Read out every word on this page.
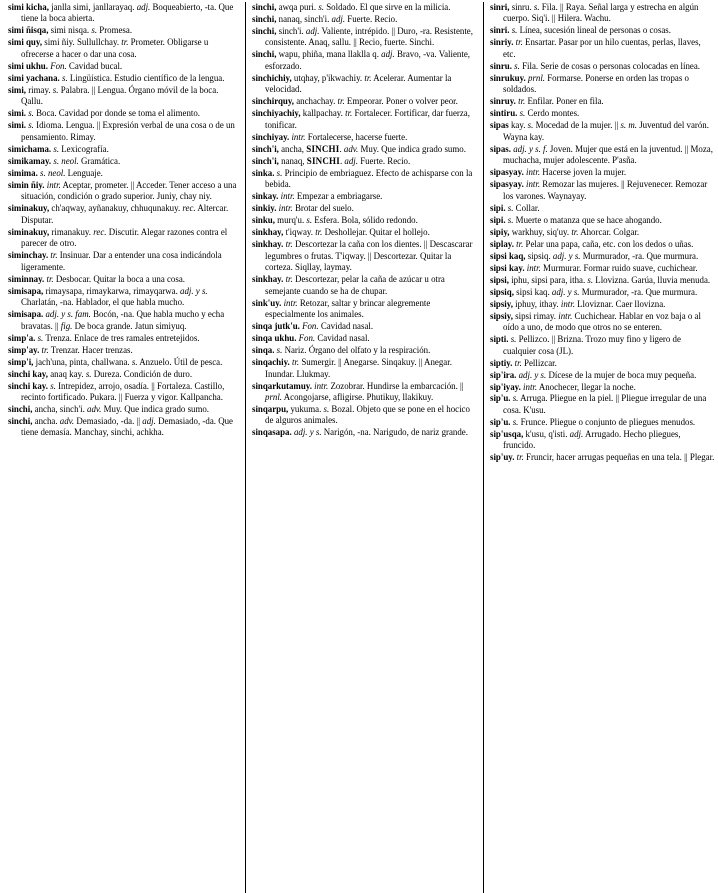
simi kicha, janlla simi, janllarayaq. adj. Boqueabierto, -ta. Que tiene la boca abierta.

simi ñisqa, simi nisqa. s. Promesa.

simi quy, simi ñiy. Sullullchay. tr. Prometer. Obligarse u ofrecerse a hacer o dar una cosa.

simi ukhu. Fon. Cavidad bucal.

simi yachana. s. Lingüística. Estudio científico de la lengua.

simi, rimay. s. Palabra. || Lengua. Órgano móvil de la boca. Qallu.

simi. s. Boca. Cavidad por donde se toma el alimento.

simi. s. Idioma. Lengua. || Expresión verbal de una cosa o de un pensamiento. Rimay.

simichama. s. Lexicografía.

simikamay. s. neol. Gramática.

simima. s. neol. Lenguaje.

simin ñiy. intr. Aceptar, prometer. || Acceder. Tener acceso a una situación, condición o grado superior. Juniy, chay niy.

siminakuy, ch'aqway, ayñanakuy, chhuqunakuy. rec. Altercar. Disputar.

siminakuy, rimanakuy. rec. Discutir. Alegar razones contra el parecer de otro.

siminchay. tr. Insinuar. Dar a entender una cosa indicándola ligeramente.

siminnay. tr. Desbocar. Quitar la boca a una cosa.

simisapa, rimaysapa, rimaykarwa, rimayqarwa. adj. y s. Charlatán, -na. Hablador, el que habla mucho.

simisapa. adj. y s. fam. Bocón, -na. Que habla mucho y echa bravatas. || fig. De boca grande. Jatun simiyuq.

simp'a. s. Trenza. Enlace de tres ramales entretejidos.

simp'ay. tr. Trenzar. Hacer trenzas.

simp'i, jach'una, pinta, challwana. s. Anzuelo. Útil de pesca.

sinchi kay, anaq kay. s. Dureza. Condición de duro.

sinchi kay. s. Intrepidez, arrojo, osadía. || Fortaleza. Castillo, recinto fortificado. Pukara. || Fuerza y vigor. Kallpancha.

sinchi, ancha, sinch'i. adv. Muy. Que indica grado sumo.

sinchi, ancha. adv. Demasiado, -da. || adj. Demasiado, -da. Que tiene demasía. Manchay, sinchi, achkha.

sinchi, awqa puri. s. Soldado. El que sirve en la milicia.

sinchi, nanaq, sinch'i. adj. Fuerte. Recio.

sinchi, sinch'i. adj. Valiente, intrépido. || Duro, -ra. Resistente, consistente. Anaq, sallu. || Recio, fuerte. Sinchi.

sinchi, wapu, phiña, mana llaklla q. adj. Bravo, -va. Valiente, esforzado.

sinchichiy, utqhay, p'ikwachiy. tr. Acelerar. Aumentar la velocidad.

sinchirquy, anchachay. tr. Empeorar. Poner o volver peor.

sinchiyachiy, kallpachay. tr. Fortalecer. Fortificar, dar fuerza, tonificar.

sinchiyay. intr. Fortalecerse, hacerse fuerte.

sinch'i, ancha, SINCHI. adv. Muy. Que indica grado sumo.

sinch'i, nanaq, SINCHI. adj. Fuerte. Recio.

sinka. s. Principio de embriaguez. Efecto de achisparse con la bebida.

sinkay. intr. Empezar a embriagarse.

sinkiy. intr. Brotar del suelo.

sinku, murq'u. s. Esfera. Bola, sólido redondo.

sinkhay, t'iqway. tr. Deshollejar. Quitar el hollejo.

sinkhay. tr. Descortezar la caña con los dientes. || Descascarar legumbres o frutas. T'iqway. || Descortezar. Quitar la corteza. Siqllay, laymay.

sinkhay. tr. Descortezar, pelar la caña de azúcar u otra semejante cuando se ha de chupar.

sink'uy. intr. Retozar, saltar y brincar alegremente especialmente los animales.

sinqa jutk'u. Fon. Cavidad nasal.

sinqa ukhu. Fon. Cavidad nasal.

sinqa. s. Nariz. Órgano del olfato y la respiración.

sinqachiy. tr. Sumergir. || Anegarse. Sinqakuy. || Anegar. Inundar. Llukmay.

sinqarkutamuy. intr. Zozobrar. Hundirse la embarcación. || prnl. Acongojarse, afligirse. Phutikuy, llakikuy.

sinqarpu, yukuma. s. Bozal. Objeto que se pone en el hocico de alguros animales.

sinqasapa. adj. y s. Narigón, -na. Narigudo, de nariz grande.

sinri, sinru. s. Fila. || Raya. Señal larga y estrecha en algún cuerpo. Siq'i. || Hilera. Wachu.

sinri. s. Línea, sucesión lineal de personas o cosas.

sinriy. tr. Ensartar. Pasar por un hilo cuentas, perlas, llaves, etc.

sinru. s. Fila. Serie de cosas o personas colocadas en línea.

sinrukuy. prnl. Formarse. Ponerse en orden las tropas o soldados.

sinruy. tr. Enfilar. Poner en fila.

sintiru. s. Cerdo montes.

sipas kay. s. Mocedad de la mujer. || s. m. Juventud del varón. Wayna kay.

sipas. adj. y s. f. Joven. Mujer que está en la juventud. || Moza, muchacha, mujer adolescente. P'asña.

sipasyay. intr. Hacerse joven la mujer.

sipasyay. intr. Remozar las mujeres. || Rejuvenecer. Remozar los varones. Waynayay.

sipi. s. Collar.

sipi. s. Muerte o matanza que se hace ahogando.

sipiy, warkhuy, siq'uy. tr. Ahorcar. Colgar.

siplay. tr. Pelar una papa, caña, etc. con los dedos o uñas.

sipsi kaq, sipsiq. adj. y s. Murmurador, -ra. Que murmura.

sipsi kay. intr. Murmurar. Formar ruido suave, cuchichear.

sipsi, iphu, sipsi para, itha. s. Llovizna. Garúa, lluvia menuda.

sipsiq, sipsi kaq. adj. y s. Murmurador, -ra. Que murmura.

sipsiy, iphuy, ithay. intr. Lloviznar. Caer llovizna.

sipsiy, sipsi rimay. intr. Cuchichear. Hablar en voz baja o al oído a uno, de modo que otros no se enteren.

sipti. s. Pellizco. || Brizna. Trozo muy fino y ligero de cualquier cosa (JL).

siptiy. tr. Pellizcar.

sip'ira. adj. y s. Dícese de la mujer de boca muy pequeña.

sip'iyay. intr. Anochecer, llegar la noche.

sip'u. s. Arruga. Pliegue en la piel. || Pliegue irregular de una cosa. K'usu.

sip'u. s. Frunce. Pliegue o conjunto de pliegues menudos.

sip'usqa, k'usu, q'isti. adj. Arrugado. Hecho pliegues, fruncido.

sip'uy. tr. Fruncir, hacer arrugas pequeñas en una tela. || Plegar.
